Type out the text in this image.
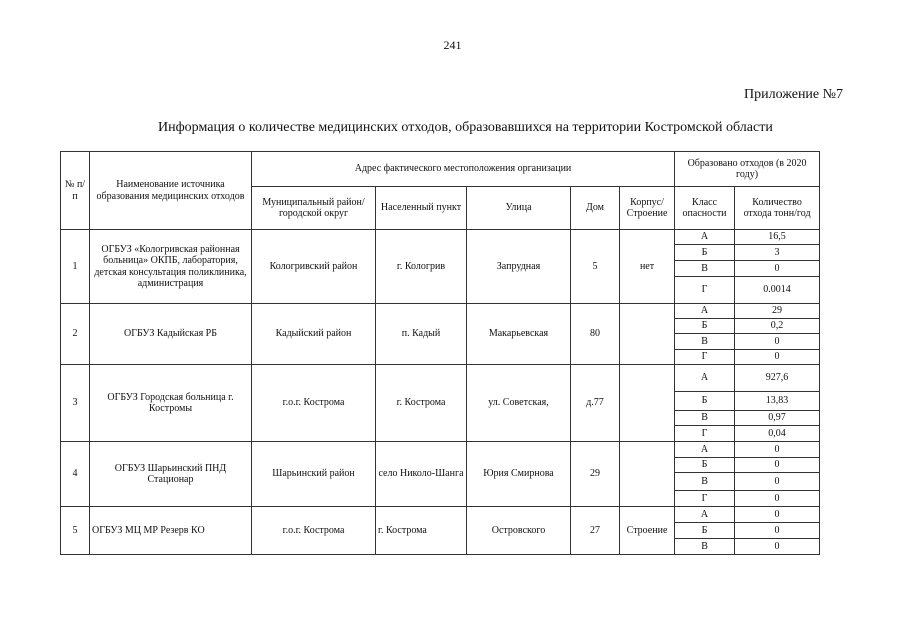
241
Приложение №7
Информация о количестве медицинских отходов, образовавшихся на территории Костромской области
№ п/п	Наименование источника образования медицинских отходов	Адрес фактического местоположения организации					Образовано отходов (в 2020 году)	
		Муниципальный район/ городской округ	Населенный пункт	Улица	Дом	Корпус/ Строение	Класс опасности	Количество отхода тонн/год
1	ОГБУЗ «Кологривская районная больница» ОКПБ, лаборатория, детская консультация поликлиника, администрация	Кологривский район	г. Кологрив	Запрудная	5	нет	А	16,5
							Б	3
							В	0
							Г	0.0014
2	ОГБУЗ Кадыйская РБ	Кадыйский район	п. Кадый	Макарьевская	80		А	29
							Б	0,2
							В	0
							Г	0
3	ОГБУЗ Городская больница г. Костромы	г.о.г. Кострома	г. Кострома	ул. Советская,	д.77		А	927,6
							Б	13,83
							В	0,97
							Г	0,04
4	ОГБУЗ Шарьинский ПНД Стационар	Шарьинский район	село Николо-Шанга	Юрия Смирнова	29		А	0
							Б	0
							В	0
							Г	0
5	ОГБУЗ МЦ МР Резерв КО	г.о.г. Кострома	г. Кострома	Островского	27	Строение	А	0
							Б	0
							В	0
